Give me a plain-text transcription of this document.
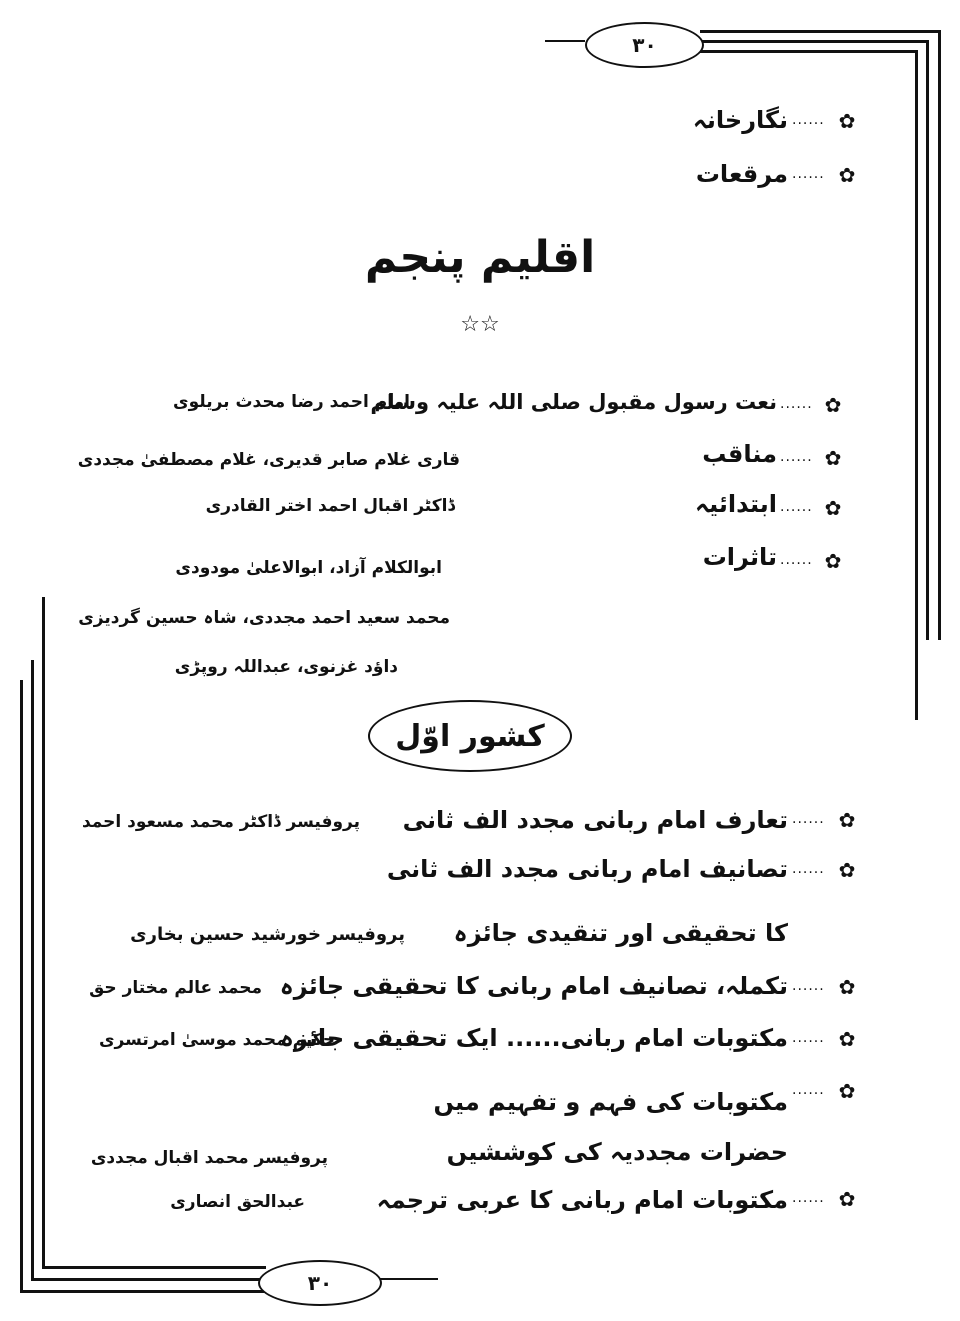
۳۰
✿
......
نگارخانہ
✿
......
مرقعات
اقلیم پنجم
☆☆
✿
......
نعت رسول مقبول صلی اللہ علیہ وسلم
امام احمد رضا محدث بریلوی
✿
......
مناقب
قاری غلام صابر قدیری، غلام مصطفیٰ مجددی
✿
......
ابتدائیہ
ڈاکٹر اقبال احمد اختر القادری
✿
......
تاثرات
ابوالکلام آزاد، ابوالاعلیٰ مودودی
محمد سعید احمد مجددی، شاہ حسین گردیزی
داؤد غزنوی، عبداللہ روپڑی
کشور اوّل
✿
......
تعارف امام ربانی مجدد الف ثانی
پروفیسر ڈاکٹر محمد مسعود احمد
✿
......
تصانیف امام ربانی مجدد الف ثانی
کا تحقیقی اور تنقیدی جائزہ
پروفیسر خورشید حسین بخاری
✿
......
تکملہ، تصانیف امام ربانی کا تحقیقی جائزہ
محمد عالم مختار حق
✿
......
مکتوبات امام ربانی...... ایک تحقیقی جائزہ
حکیم محمد موسیٰ امرتسری
✿
......
مکتوبات کی فہم و تفہیم میں
حضرات مجددیہ کی کوششیں
پروفیسر محمد اقبال مجددی
✿
......
مکتوبات امام ربانی کا عربی ترجمہ
عبدالحق انصاری
۳۰
